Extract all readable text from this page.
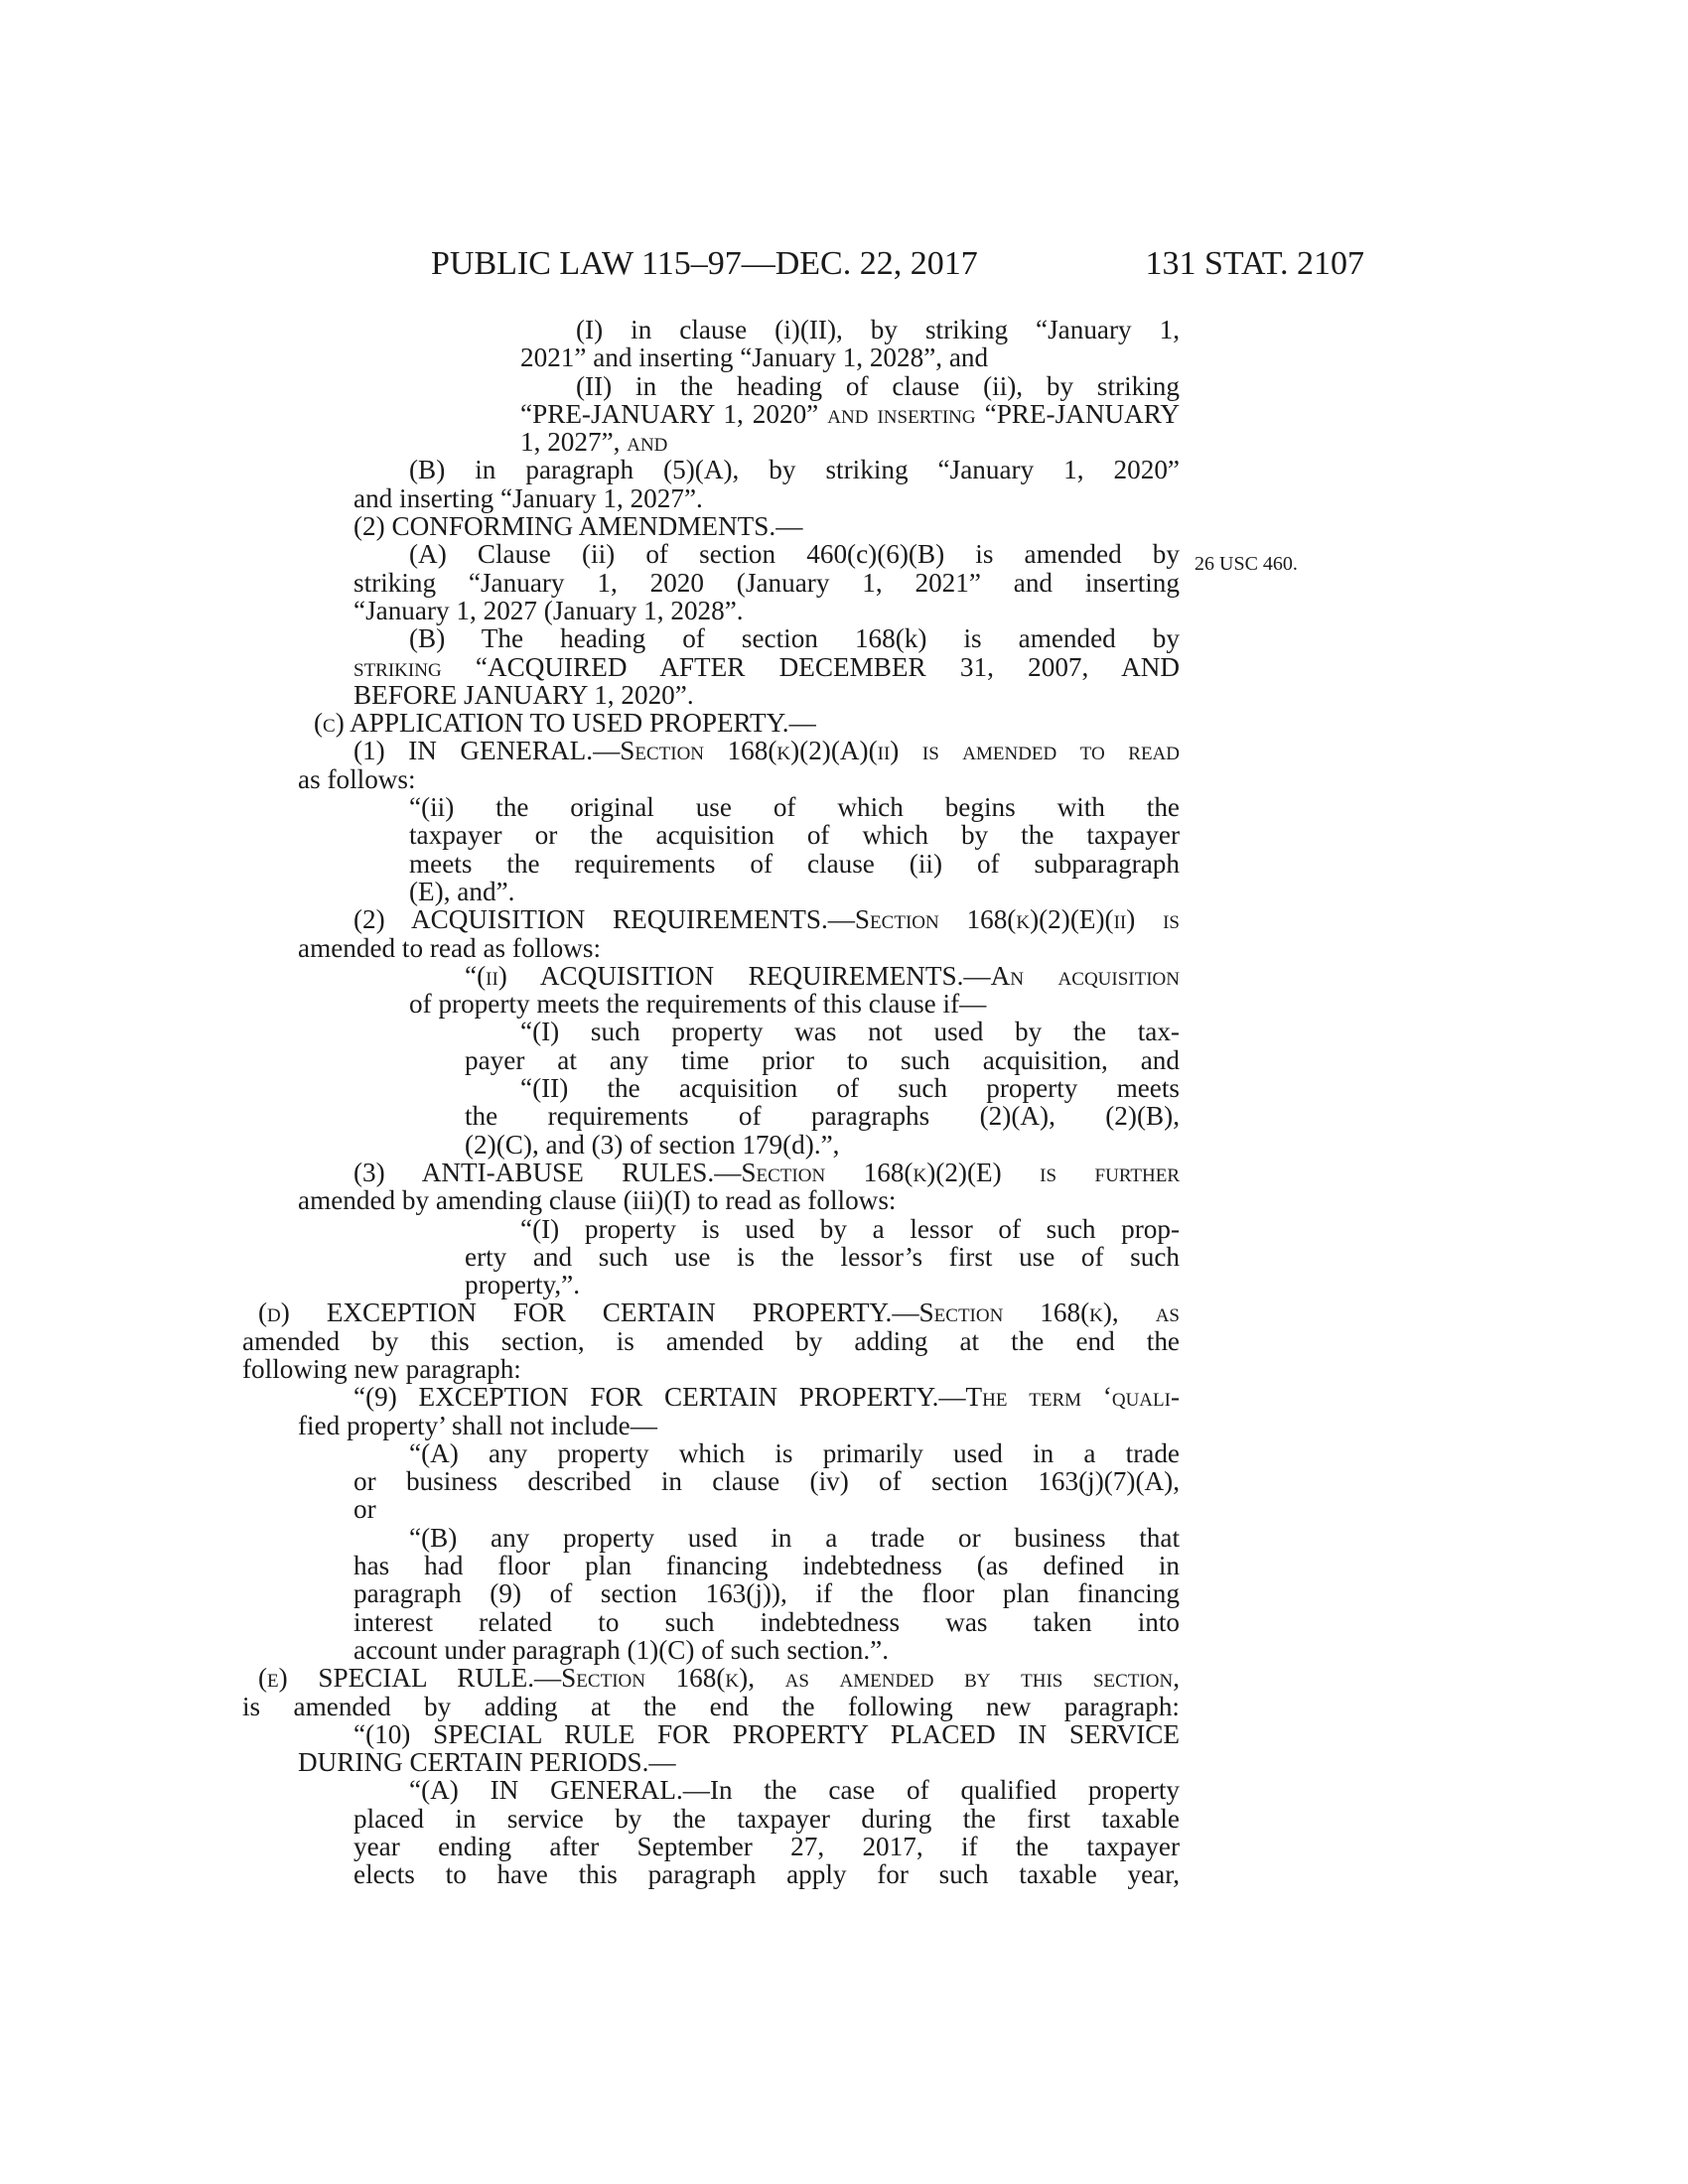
PUBLIC LAW 115–97—DEC. 22, 2017	131 STAT. 2107
26 USC 460.
(I) in clause (i)(II), by striking “January 1,
2021” and inserting “January 1, 2028”, and
(II) in the heading of clause (ii), by striking
“PRE-JANUARY 1, 2020” and inserting “PRE-JANUARY
1, 2027”, and
(B) in paragraph (5)(A), by striking “January 1, 2020”
and inserting “January 1, 2027”.
(2) CONFORMING AMENDMENTS.—
(A) Clause (ii) of section 460(c)(6)(B) is amended by
striking “January 1, 2020 (January 1, 2021” and inserting
“January 1, 2027 (January 1, 2028”.
(B) The heading of section 168(k) is amended by
striking “ACQUIRED AFTER DECEMBER 31, 2007, AND
BEFORE JANUARY 1, 2020”.
(c) APPLICATION TO USED PROPERTY.—
(1) IN GENERAL.—Section 168(k)(2)(A)(ii) is amended to read
as follows:
“(ii) the original use of which begins with the
taxpayer or the acquisition of which by the taxpayer
meets the requirements of clause (ii) of subparagraph
(E), and”.
(2) ACQUISITION REQUIREMENTS.—Section 168(k)(2)(E)(ii) is
amended to read as follows:
“(ii) ACQUISITION REQUIREMENTS.—An acquisition
of property meets the requirements of this clause if—
“(I) such property was not used by the tax-
payer at any time prior to such acquisition, and
“(II) the acquisition of such property meets
the requirements of paragraphs (2)(A), (2)(B),
(2)(C), and (3) of section 179(d).”,
(3) ANTI-ABUSE RULES.—Section 168(k)(2)(E) is further
amended by amending clause (iii)(I) to read as follows:
“(I) property is used by a lessor of such prop-
erty and such use is the lessor’s first use of such
property,”.
(d) EXCEPTION FOR CERTAIN PROPERTY.—Section 168(k), as
amended by this section, is amended by adding at the end the
following new paragraph:
“(9) EXCEPTION FOR CERTAIN PROPERTY.—The term ‘quali-
fied property’ shall not include—
“(A) any property which is primarily used in a trade
or business described in clause (iv) of section 163(j)(7)(A),
or
“(B) any property used in a trade or business that
has had floor plan financing indebtedness (as defined in
paragraph (9) of section 163(j)), if the floor plan financing
interest related to such indebtedness was taken into
account under paragraph (1)(C) of such section.”.
(e) SPECIAL RULE.—Section 168(k), as amended by this section,
is amended by adding at the end the following new paragraph:
“(10) SPECIAL RULE FOR PROPERTY PLACED IN SERVICE
DURING CERTAIN PERIODS.—
“(A) IN GENERAL.—In the case of qualified property
placed in service by the taxpayer during the first taxable
year ending after September 27, 2017, if the taxpayer
elects to have this paragraph apply for such taxable year,
